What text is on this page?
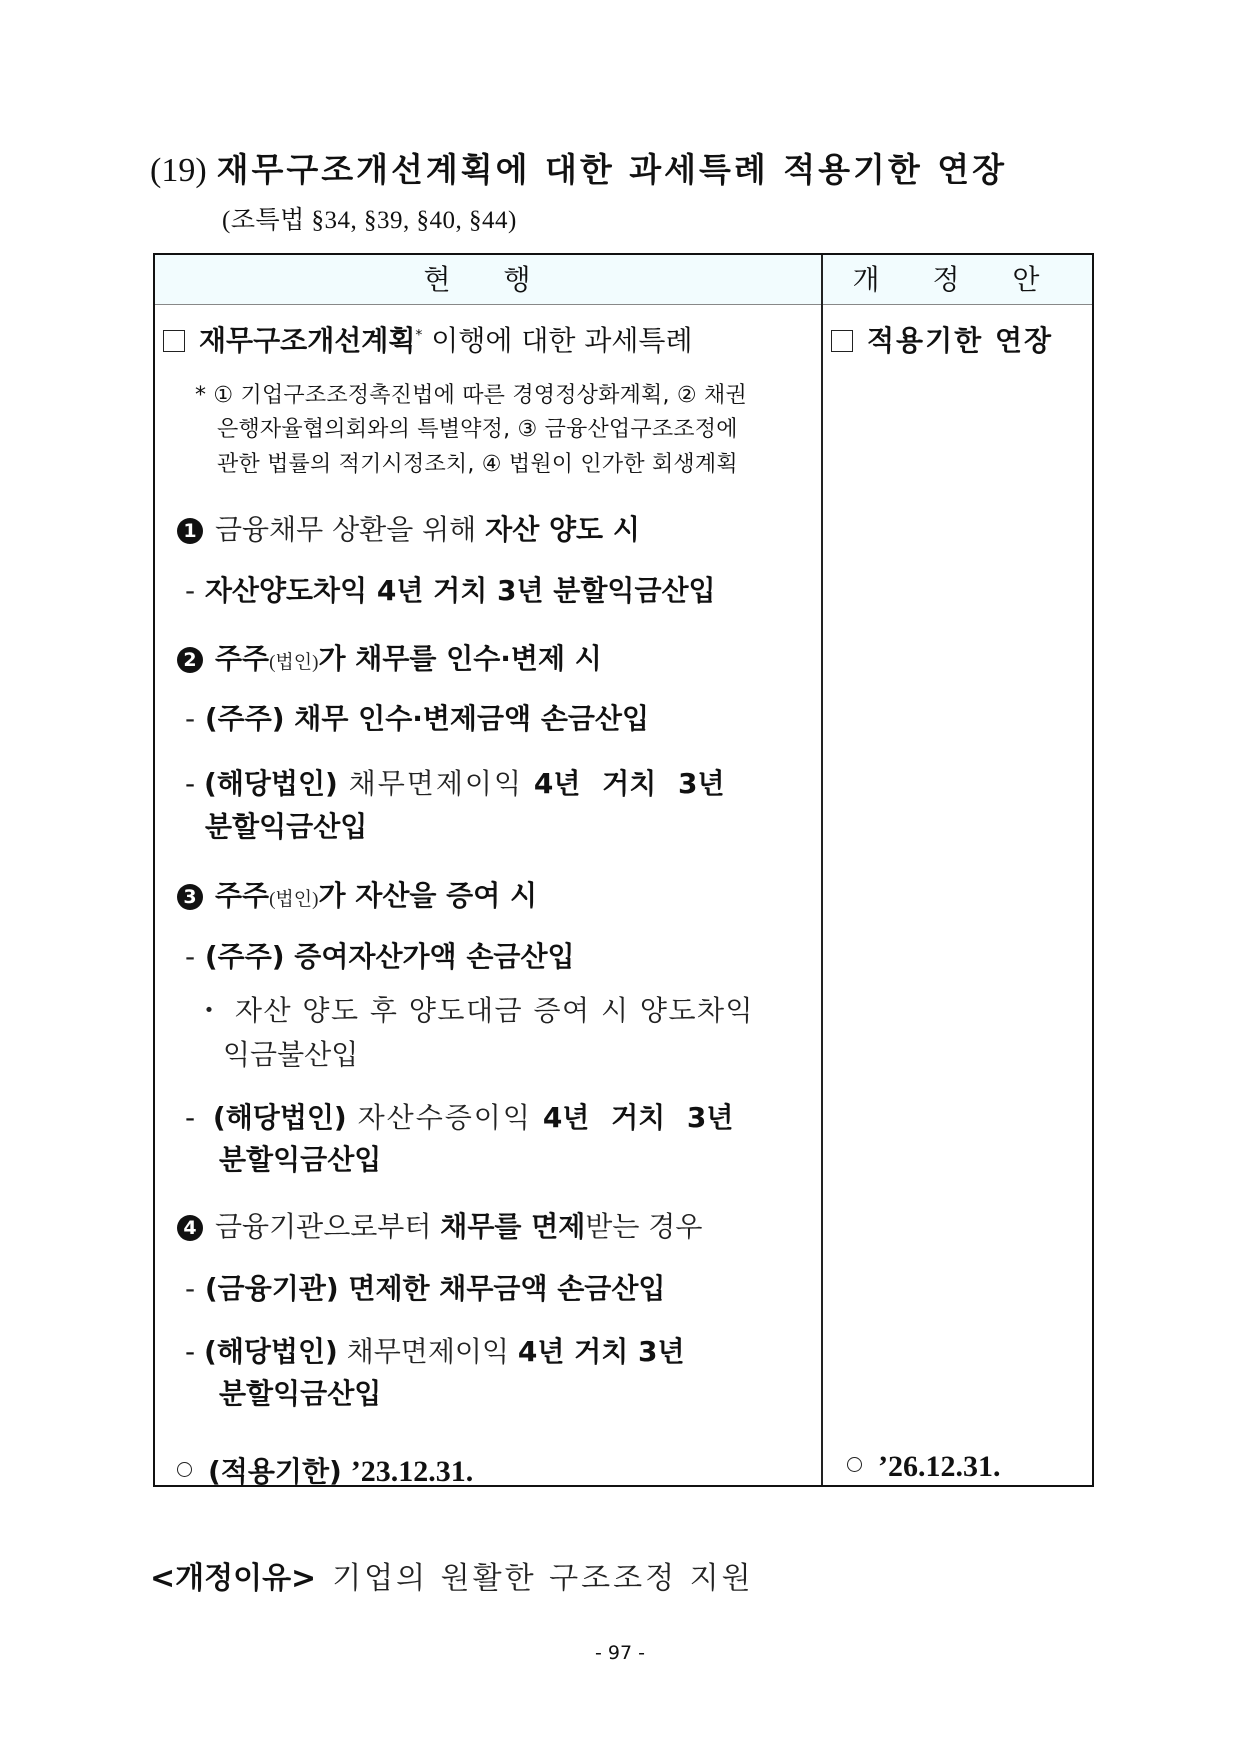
(19) 재무구조개선계획에 대한 과세특례 적용기한 연장
(조특법 §34, §39, §40, §44)
현 행	개 정 안
재무구조개선계획* 이행에 대한 과세특례
* ① 기업구조조정촉진법에 따른 경영정상화계획, ② 채권
은행자율협의회와의 특별약정, ③ 금융산업구조조정에
관한 법률의 적기시정조치, ④ 법원이 인가한 회생계획
1 금융채무 상환을 위해 자산 양도 시
- 자산양도차익 4년 거치 3년 분할익금산입
2 주주(법인)가 채무를 인수·변제 시
- (주주) 채무 인수·변제금액 손금산입
- (해당법인) 채무면제이익 4년 거치 3년
분할익금산입
3 주주(법인)가 자산을 증여 시
- (주주) 증여자산가액 손금산입
・ 자산 양도 후 양도대금 증여 시 양도차익
익금불산입
- (해당법인) 자산수증이익 4년 거치 3년
분할익금산입
4 금융기관으로부터 채무를 면제받는 경우
- (금융기관) 면제한 채무금액 손금산입
- (해당법인) 채무면제이익 4년 거치 3년
분할익금산입
(적용기한) ’23.12.31.
적용기한 연장
’26.12.31.
<개정이유> 기업의 원활한 구조조정 지원
- 97 -
